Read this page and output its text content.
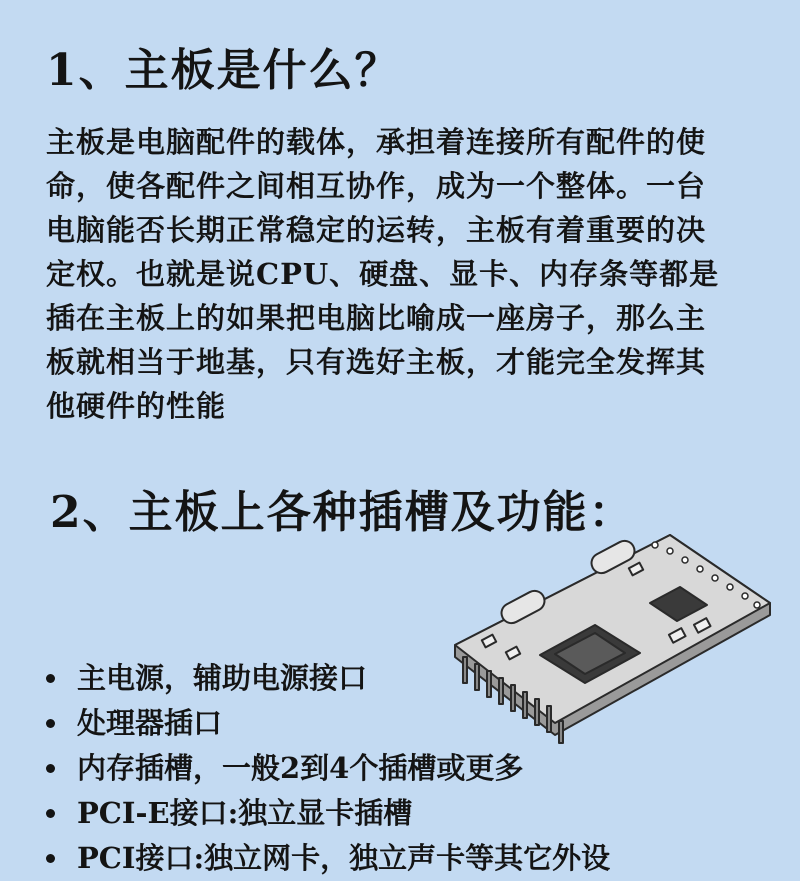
1、主板是什么？
主板是电脑配件的载体，承担着连接所有配件的使
命，使各配件之间相互协作，成为一个整体。一台
电脑能否长期正常稳定的运转，主板有着重要的决
定权。也就是说CPU、硬盘、显卡、内存条等都是
插在主板上的如果把电脑比喻成一座房子，那么主
板就相当于地基，只有选好主板，才能完全发挥其
他硬件的性能
2、主板上各种插槽及功能：
主电源，辅助电源接口
处理器插口
内存插槽，一般2到4个插槽或更多
PCI-E接口:独立显卡插槽
PCI接口:独立网卡，独立声卡等其它外设
